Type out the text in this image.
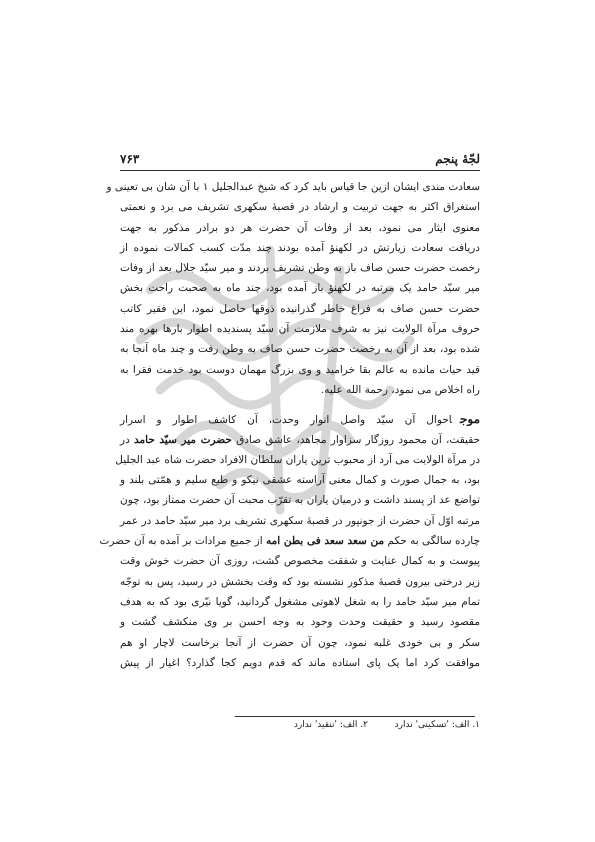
لجّهٔ پنجم
۷۶۳
سعادت مندی ایشان ازین جا قیاس باید کرد که شیخ عبدالجلیل ۱ با آن شان بی تعینی و
استغراق اکثر به جهت تربیت و ارشاد در قصبهٔ سکهری تشریف می برد و نعمتی
معنوی ایثار می نمود، بعد از وفات آن حضرت هر دو برادر مذکور به جهت
دریافت سعادت زیارتش در لکهنؤ آمده بودند چند مدّت کسب کمالات نموده از
رخصت حضرت حسن صاف باز به وطن تشریف بردند و میر سیّد جلال بعد از وفات
میر سیّد حامد یک مرتبه در لکهنؤ باز آمده بود، چند ماه به صحبت راحت بخش
حضرت حسن صاف به فراغ خاطر گذرانیده ذوقها حاصل نمود، این فقیر کاتب
حروف مرآة الولایت نیز به شرف ملازمت آن سیّد پسندیده اطوار بارها بهره مند
شده بود، بعد از آن به رخصت حضرت حسن صاف به وطن رفت و چند ماه آنجا به
قید حیات مانده به عالم بقا خرامید و وی بزرگ مهمان دوست بود خدمت فقرا به
راه اخلاص می نمود، رحمة الله علیه.
موجاحوال آن سیّد واصل انوار وحدت، آن کاشف اطوار و اسرار
حقیقت، آن محمود روزگار سزاوار مجاهد، عاشق صادق حضرت میر سیّد حامد در
در مرآة الولایت می آرد از محبوب ترین یاران سلطان الافراد حضرت شاه عبد الجلیل
بود، به جمال صورت و کمال معنی آراسته عشقی نیکو و طبع سلیم و همّتی بلند و
تواضع عد از پسند داشت و درمیان یاران به تقرّب محبت آن حضرت ممتاز بود، چون
مرتبه اوّل آن حضرت از جونپور در قصبهٔ سکهری تشریف برد میر سیّد حامد در عمر
چارده سالگی به حکم من سعد سعد فی بطن امه از جمیع مرادات بر آمده به آن حضرت
پیوست و به کمال عنایت و شفقت مخصوص گشت، روزی آن حضرت خوش وقت
زیر درختی بیرون قصبهٔ مذکور نشسته بود که وقت بخشش در رسید، پس به توجّه
تمام میر سیّد حامد را به شغل لاهوتی مشغول گردانید، گویا نیّری بود که به هدف
مقصود رسید و حقیقت وحدت وجود به وجه احسن بر وی منکشف گشت و
سکر و بی خودی غلبه نمود، چون آن حضرت از آنجا برخاست لاچار او هم
موافقت کرد اما یک پای استاده ماند که قدم دویم کجا گذارد؟ اغیار از پیش
۱. الف: 'تسکینی' ندارد
۲. الف: 'تنقید' ندارد
